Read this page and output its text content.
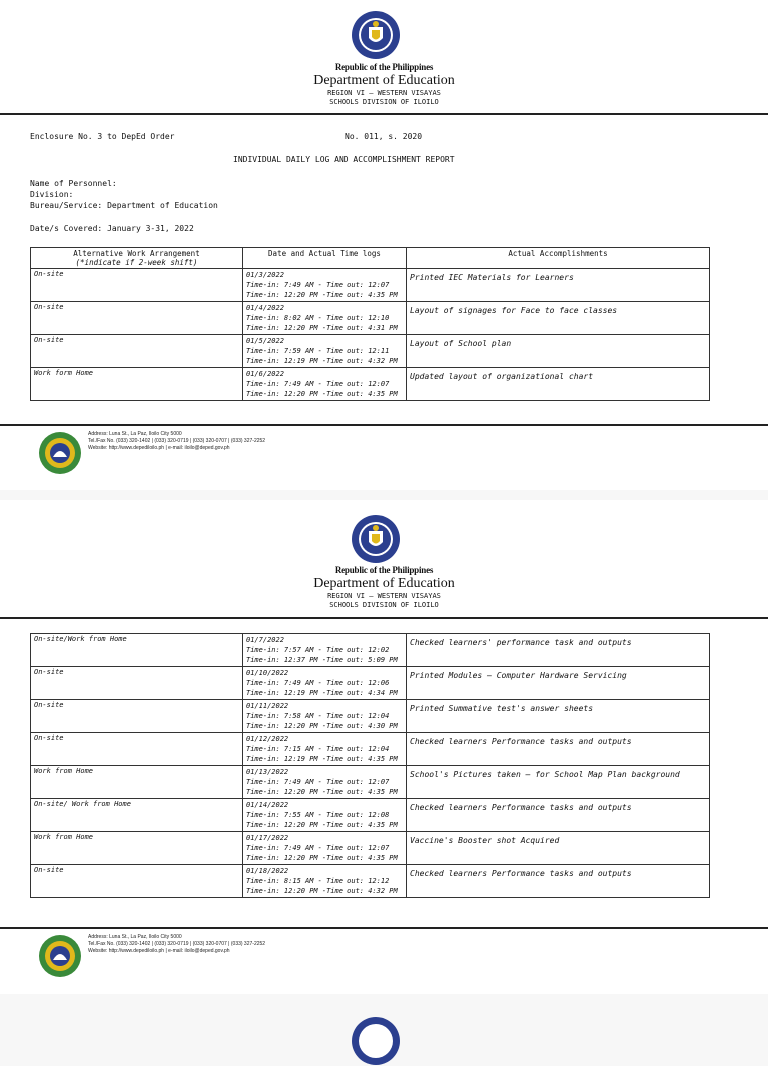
Republic of the Philippines
Department of Education
REGION VI – WESTERN VISAYAS
SCHOOLS DIVISION OF ILOILO
Enclosure No. 3 to DepEd Order	No. 011, s. 2020
INDIVIDUAL DAILY LOG AND ACCOMPLISHMENT REPORT
Name of Personnel:
Division:
Bureau/Service: Department of Education
Date/s Covered: January 3-31, 2022
Alternative Work Arrangement
(*indicate if 2-week shift)	Date and Actual Time logs	Actual Accomplishments
On-site	01/3/2022
Time-in: 7:49 AM - Time out: 12:07
Time-in: 12:20 PM -Time out: 4:35 PM	Printed IEC Materials for Learners
On-site	01/4/2022
Time-in: 8:02 AM - Time out: 12:10
Time-in: 12:20 PM -Time out: 4:31 PM	Layout of signages for Face to face classes
On-site	01/5/2022
Time-in: 7:59 AM - Time out: 12:11
Time-in: 12:19 PM -Time out: 4:32 PM	Layout of School plan
Work form Home	01/6/2022
Time-in: 7:49 AM - Time out: 12:07
Time-in: 12:20 PM -Time out: 4:35 PM	Updated layout of organizational chart
Address: Luna St., La Paz, Iloilo City 5000
Tel./Fax No. (033) 320-1402 | (033) 320-0719 | (033) 320-0707 | (033) 327-2252
Website: http://www.depediloilo.ph | e-mail: iloilo@deped.gov.ph
Republic of the Philippines
Department of Education
REGION VI – WESTERN VISAYAS
SCHOOLS DIVISION OF ILOILO
On-site/Work from Home	01/7/2022
Time-in: 7:57 AM - Time out: 12:02
Time-in: 12:37 PM -Time out: 5:09 PM	Checked learners' performance task and outputs
On-site	01/10/2022
Time-in: 7:49 AM - Time out: 12:06
Time-in: 12:19 PM -Time out: 4:34 PM	Printed Modules – Computer Hardware Servicing
On-site	01/11/2022
Time-in: 7:58 AM - Time out: 12:04
Time-in: 12:20 PM -Time out: 4:30 PM	Printed Summative test's answer sheets
On-site	01/12/2022
Time-in: 7:15 AM - Time out: 12:04
Time-in: 12:19 PM -Time out: 4:35 PM	Checked learners Performance tasks and outputs
Work from Home	01/13/2022
Time-in: 7:49 AM - Time out: 12:07
Time-in: 12:20 PM -Time out: 4:35 PM	School's Pictures taken – for School Map Plan background
On-site/ Work from Home	01/14/2022
Time-in: 7:55 AM - Time out: 12:08
Time-in: 12:20 PM -Time out: 4:35 PM	Checked learners Performance tasks and outputs
Work from Home	01/17/2022
Time-in: 7:49 AM - Time out: 12:07
Time-in: 12:20 PM -Time out: 4:35 PM	Vaccine's Booster shot Acquired
On-site	01/18/2022
Time-in: 8:15 AM - Time out: 12:12
Time-in: 12:20 PM -Time out: 4:32 PM	Checked learners Performance tasks and outputs
Address: Luna St., La Paz, Iloilo City 5000
Tel./Fax No. (033) 320-1402 | (033) 320-0719 | (033) 320-0707 | (033) 327-2252
Website: http://www.depediloilo.ph | e-mail: iloilo@deped.gov.ph
